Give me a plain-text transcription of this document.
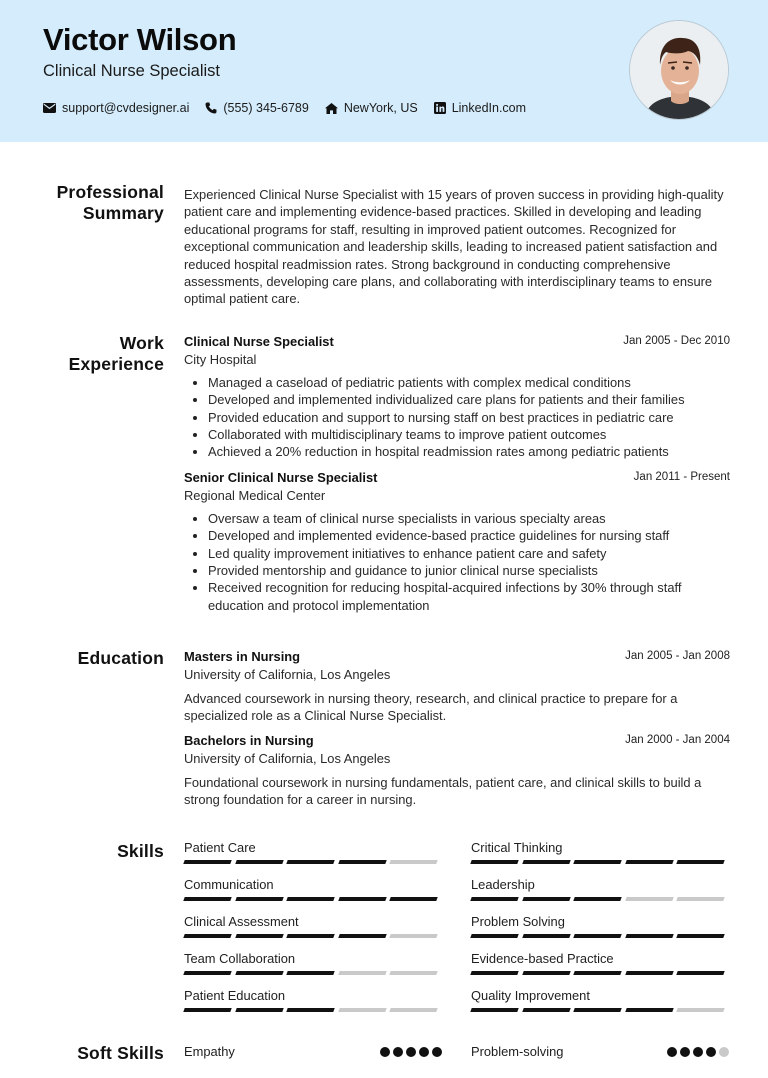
Victor Wilson
Clinical Nurse Specialist
support@cvdesigner.ai	(555) 345-6789	NewYork, US	LinkedIn.com
Professional
Summary
Experienced Clinical Nurse Specialist with 15 years of proven success in providing high-quality patient care and implementing evidence-based practices. Skilled in developing and leading educational programs for staff, resulting in improved patient outcomes. Recognized for exceptional communication and leadership skills, leading to increased patient satisfaction and reduced hospital readmission rates. Strong background in conducting comprehensive assessments, developing care plans, and collaborating with interdisciplinary teams to ensure optimal patient care.
Work
Experience
Clinical Nurse Specialist	Jan 2005 - Dec 2010
City Hospital
Managed a caseload of pediatric patients with complex medical conditions
Developed and implemented individualized care plans for patients and their families
Provided education and support to nursing staff on best practices in pediatric care
Collaborated with multidisciplinary teams to improve patient outcomes
Achieved a 20% reduction in hospital readmission rates among pediatric patients
Senior Clinical Nurse Specialist	Jan 2011 - Present
Regional Medical Center
Oversaw a team of clinical nurse specialists in various specialty areas
Developed and implemented evidence-based practice guidelines for nursing staff
Led quality improvement initiatives to enhance patient care and safety
Provided mentorship and guidance to junior clinical nurse specialists
Received recognition for reducing hospital-acquired infections by 30% through staff education and protocol implementation
Education Masters in Nursing	Jan 2005 - Jan 2008
University of California, Los Angeles
Advanced coursework in nursing theory, research, and clinical practice to prepare for a specialized role as a Clinical Nurse Specialist.
Bachelors in Nursing	Jan 2000 - Jan 2004
University of California, Los Angeles
Foundational coursework in nursing fundamentals, patient care, and clinical skills to build a strong foundation for a career in nursing.
Skills Patient Care	Critical Thinking
Communication	Leadership
Clinical Assessment	Problem Solving
Team Collaboration	Evidence-based Practice
Patient Education	Quality Improvement
Soft Skills Empathy	Problem-solving
